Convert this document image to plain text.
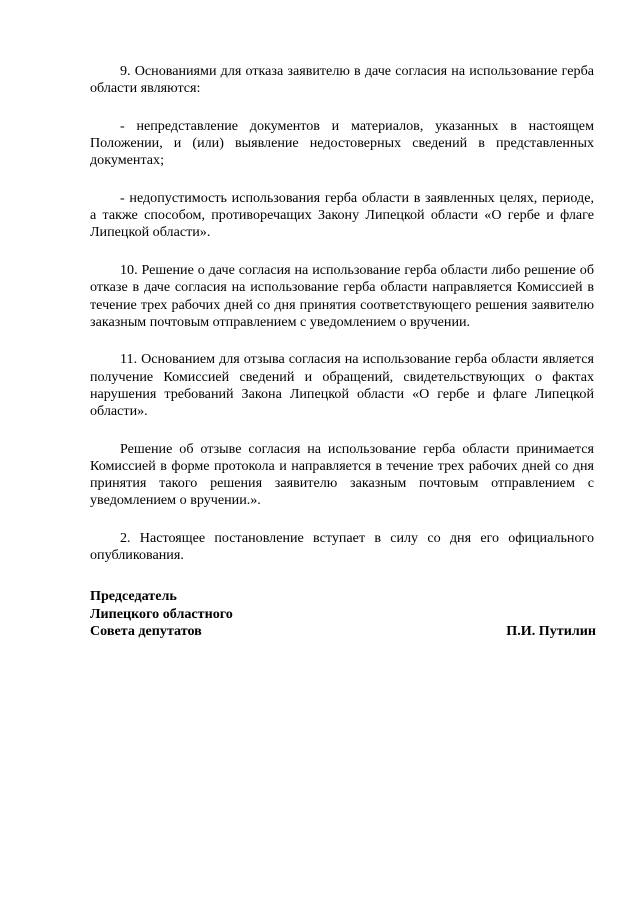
9. Основаниями для отказа заявителю в даче согласия на использование герба области являются:

- непредставление документов и материалов, указанных в настоящем Положении, и (или) выявление недостоверных сведений в представленных документах;

- недопустимость использования герба области в заявленных целях, периоде, а также способом, противоречащих Закону Липецкой области «О гербе и флаге Липецкой области».

10. Решение о даче согласия на использование герба области либо решение об отказе в даче согласия на использование герба области направляется Комиссией в течение трех рабочих дней со дня принятия соответствующего решения заявителю заказным почтовым отправлением с уведомлением о вручении.

11. Основанием для отзыва согласия на использование герба области является получение Комиссией сведений и обращений, свидетельствующих о фактах нарушения требований Закона Липецкой области «О гербе и флаге Липецкой области».

Решение об отзыве согласия на использование герба области принимается Комиссией в форме протокола и направляется в течение трех рабочих дней со дня принятия такого решения заявителю заказным почтовым отправлением с уведомлением о вручении.».

2. Настоящее постановление вступает в силу со дня его официального опубликования.

Председатель
Липецкого областного
Совета депутатов	П.И. Путилин
